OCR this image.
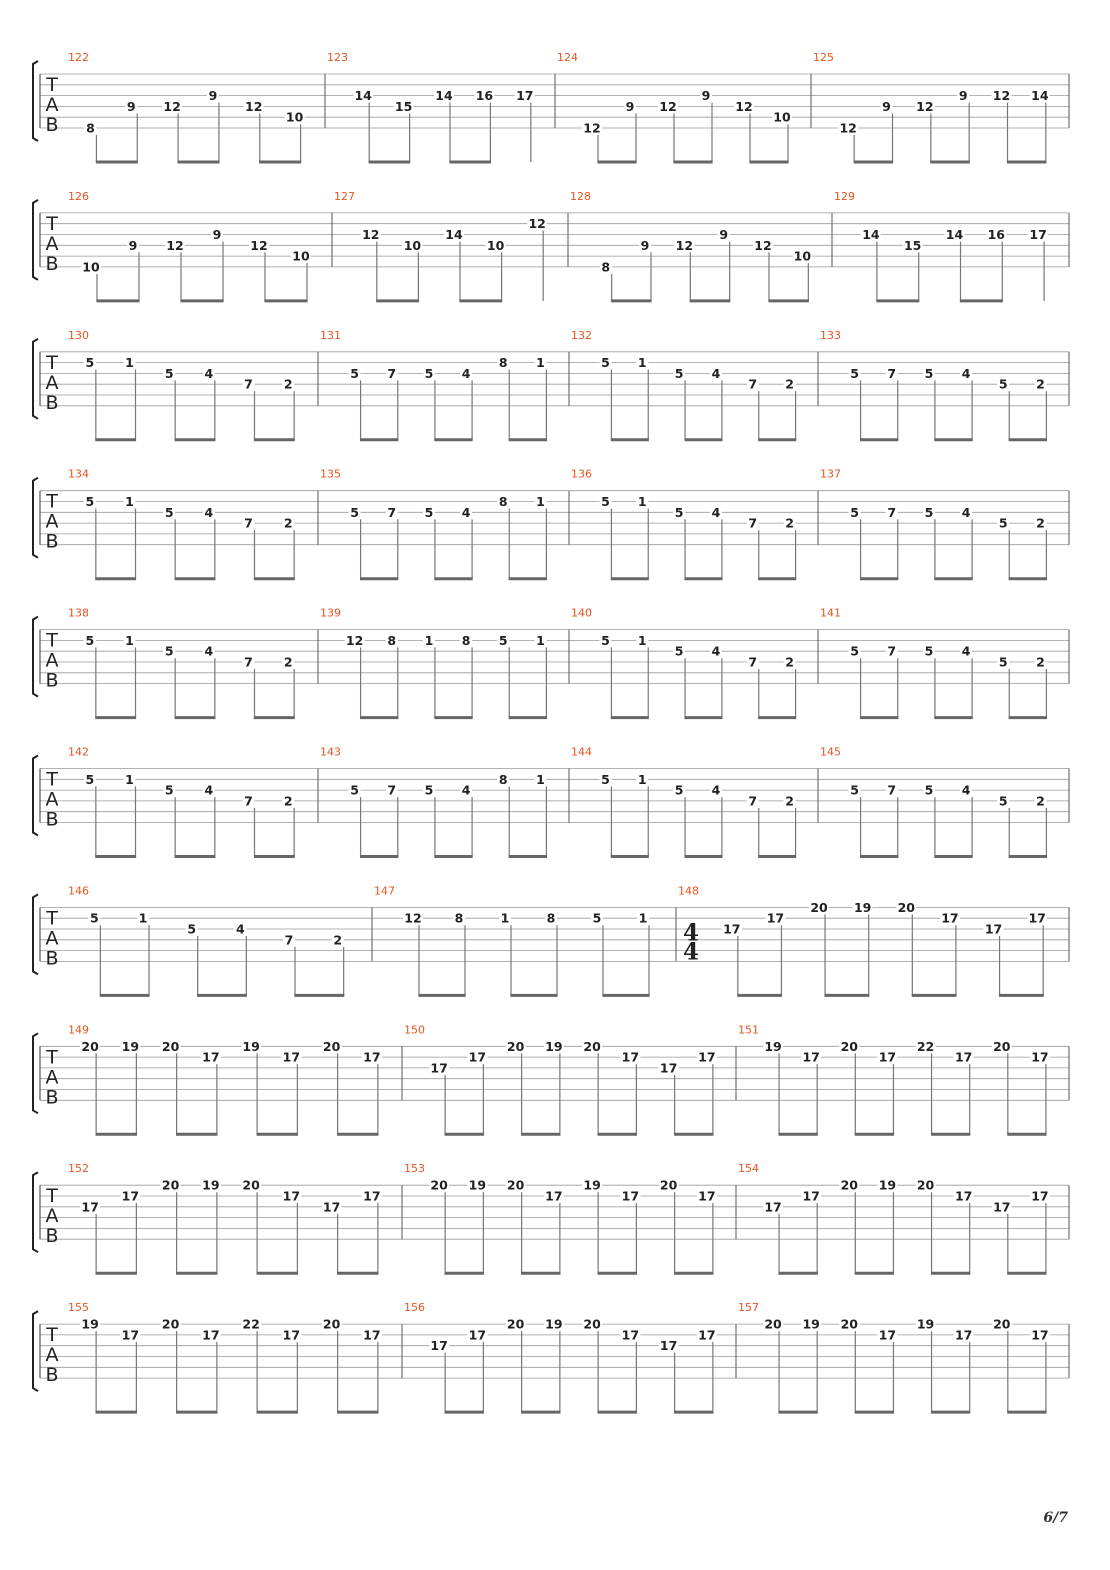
T
A
B
122
8
9 12
9
12
10
123
14
15
14 16 17
124
12
9 12
9
12
10
125
12
9 12
9 12 14
T
A
B
126
10
9 12
9
12
10
127
12
10
14
10
12
128
8
9 12
9
12
10
129
14
15
14 16 17
T
A
B
130
5 1
5 4
7 2
131
5 7 5 4
8 1
132
5 1
5 4
7 2
133
5 7 5 4
5 2
T
A
B
134
5 1
5 4
7 2
135
5 7 5 4
8 1
136
5 1
5 4
7 2
137
5 7 5 4
5 2
T
A
B
138
5 1
5 4
7 2
139
12 8 1 8 5 1
140
5 1
5 4
7 2
141
5 7 5 4
5 2
T
A
B
142
5 1
5 4
7 2
143
5 7 5 4
8 1
144
5 1
5 4
7 2
145
5 7 5 4
5 2
T
A
B
146
5	1
5	4
7	2
147
12	8	1	8	5	1
148
4
4
17
17
20 19 20
17
17
17
T
A
B
149
20 19 20
17
19
17
20
17
150
17
17
20 19 20
17
17
17
151
19
17
20
17
22
17
20
17
T
A
B
152
17
17
20 19 20
17
17
17
153
20 19 20
17
19
17
20
17
154
17
17
20 19 20
17
17
17
T
A
B
155
19
17
20
17
22
17
20
17
156
17
17
20 19 20
17
17
17
157
20 19 20
17
19
17
20
17
6/7
